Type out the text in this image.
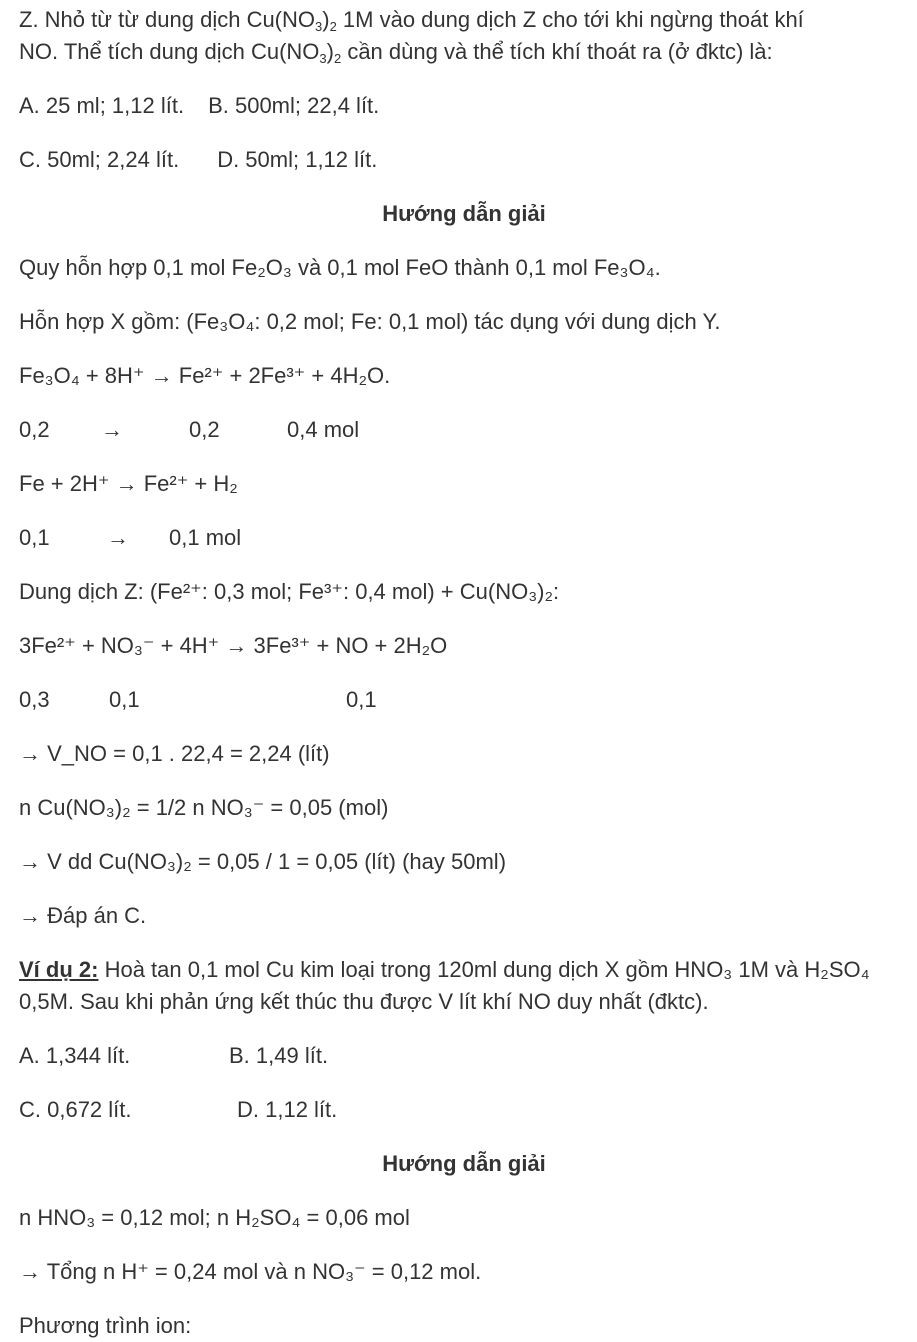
Z. Nhỏ từ từ dung dịch $Cu(NO_3)_2$ 1M vào dung dịch Z cho tới khi ngừng thoát khí
NO. Thể tích dung dịch $Cu(NO_3)_2$ cần dùng và thể tích khí thoát ra (ở đktc) là:

A. 25 ml; 1,12 lít. B. 500ml; 22,4 lít.

C. 50ml; 2,24 lít. D. 50ml; 1,12 lít.

Hướng dẫn giải

Quy hỗn hợp 0,1 mol Fe₂O₃ và 0,1 mol FeO thành 0,1 mol Fe₃O₄.

Hỗn hợp X gồm: (Fe₃O₄: 0,2 mol; Fe: 0,1 mol) tác dụng với dung dịch Y.

Fe₃O₄ + 8H⁺ → Fe²⁺ + 2Fe³⁺ + 4H₂O.

0,2 →	0,2	0,4 mol

Fe + 2H⁺ → Fe²⁺ + H₂

0,1	→ 0,1 mol

Dung dịch Z: (Fe²⁺: 0,3 mol; Fe³⁺: 0,4 mol) + Cu(NO₃)₂:

3Fe²⁺ + NO₃⁻ + 4H⁺ → 3Fe³⁺ + NO + 2H₂O

0,3	0,1	0,1

→ V_NO = 0,1 . 22,4 = 2,24 (lít)

n Cu(NO₃)₂ = 1/2 n NO₃⁻ = 0,05 (mol)

→ V dd Cu(NO₃)₂ = 0,05 / 1 = 0,05 (lít) (hay 50ml)

→ Đáp án C.

Ví dụ 2: Hoà tan 0,1 mol Cu kim loại trong 120ml dung dịch X gồm HNO₃ 1M và H₂SO₄ 0,5M. Sau khi phản ứng kết thúc thu được V lít khí NO duy nhất (đktc).

A. 1,344 lít.	B. 1,49 lít.

C. 0,672 lít.	D. 1,12 lít.

Hướng dẫn giải

n HNO₃ = 0,12 mol; n H₂SO₄ = 0,06 mol

→ Tổng n H⁺ = 0,24 mol và n NO₃⁻ = 0,12 mol.

Phương trình ion:
